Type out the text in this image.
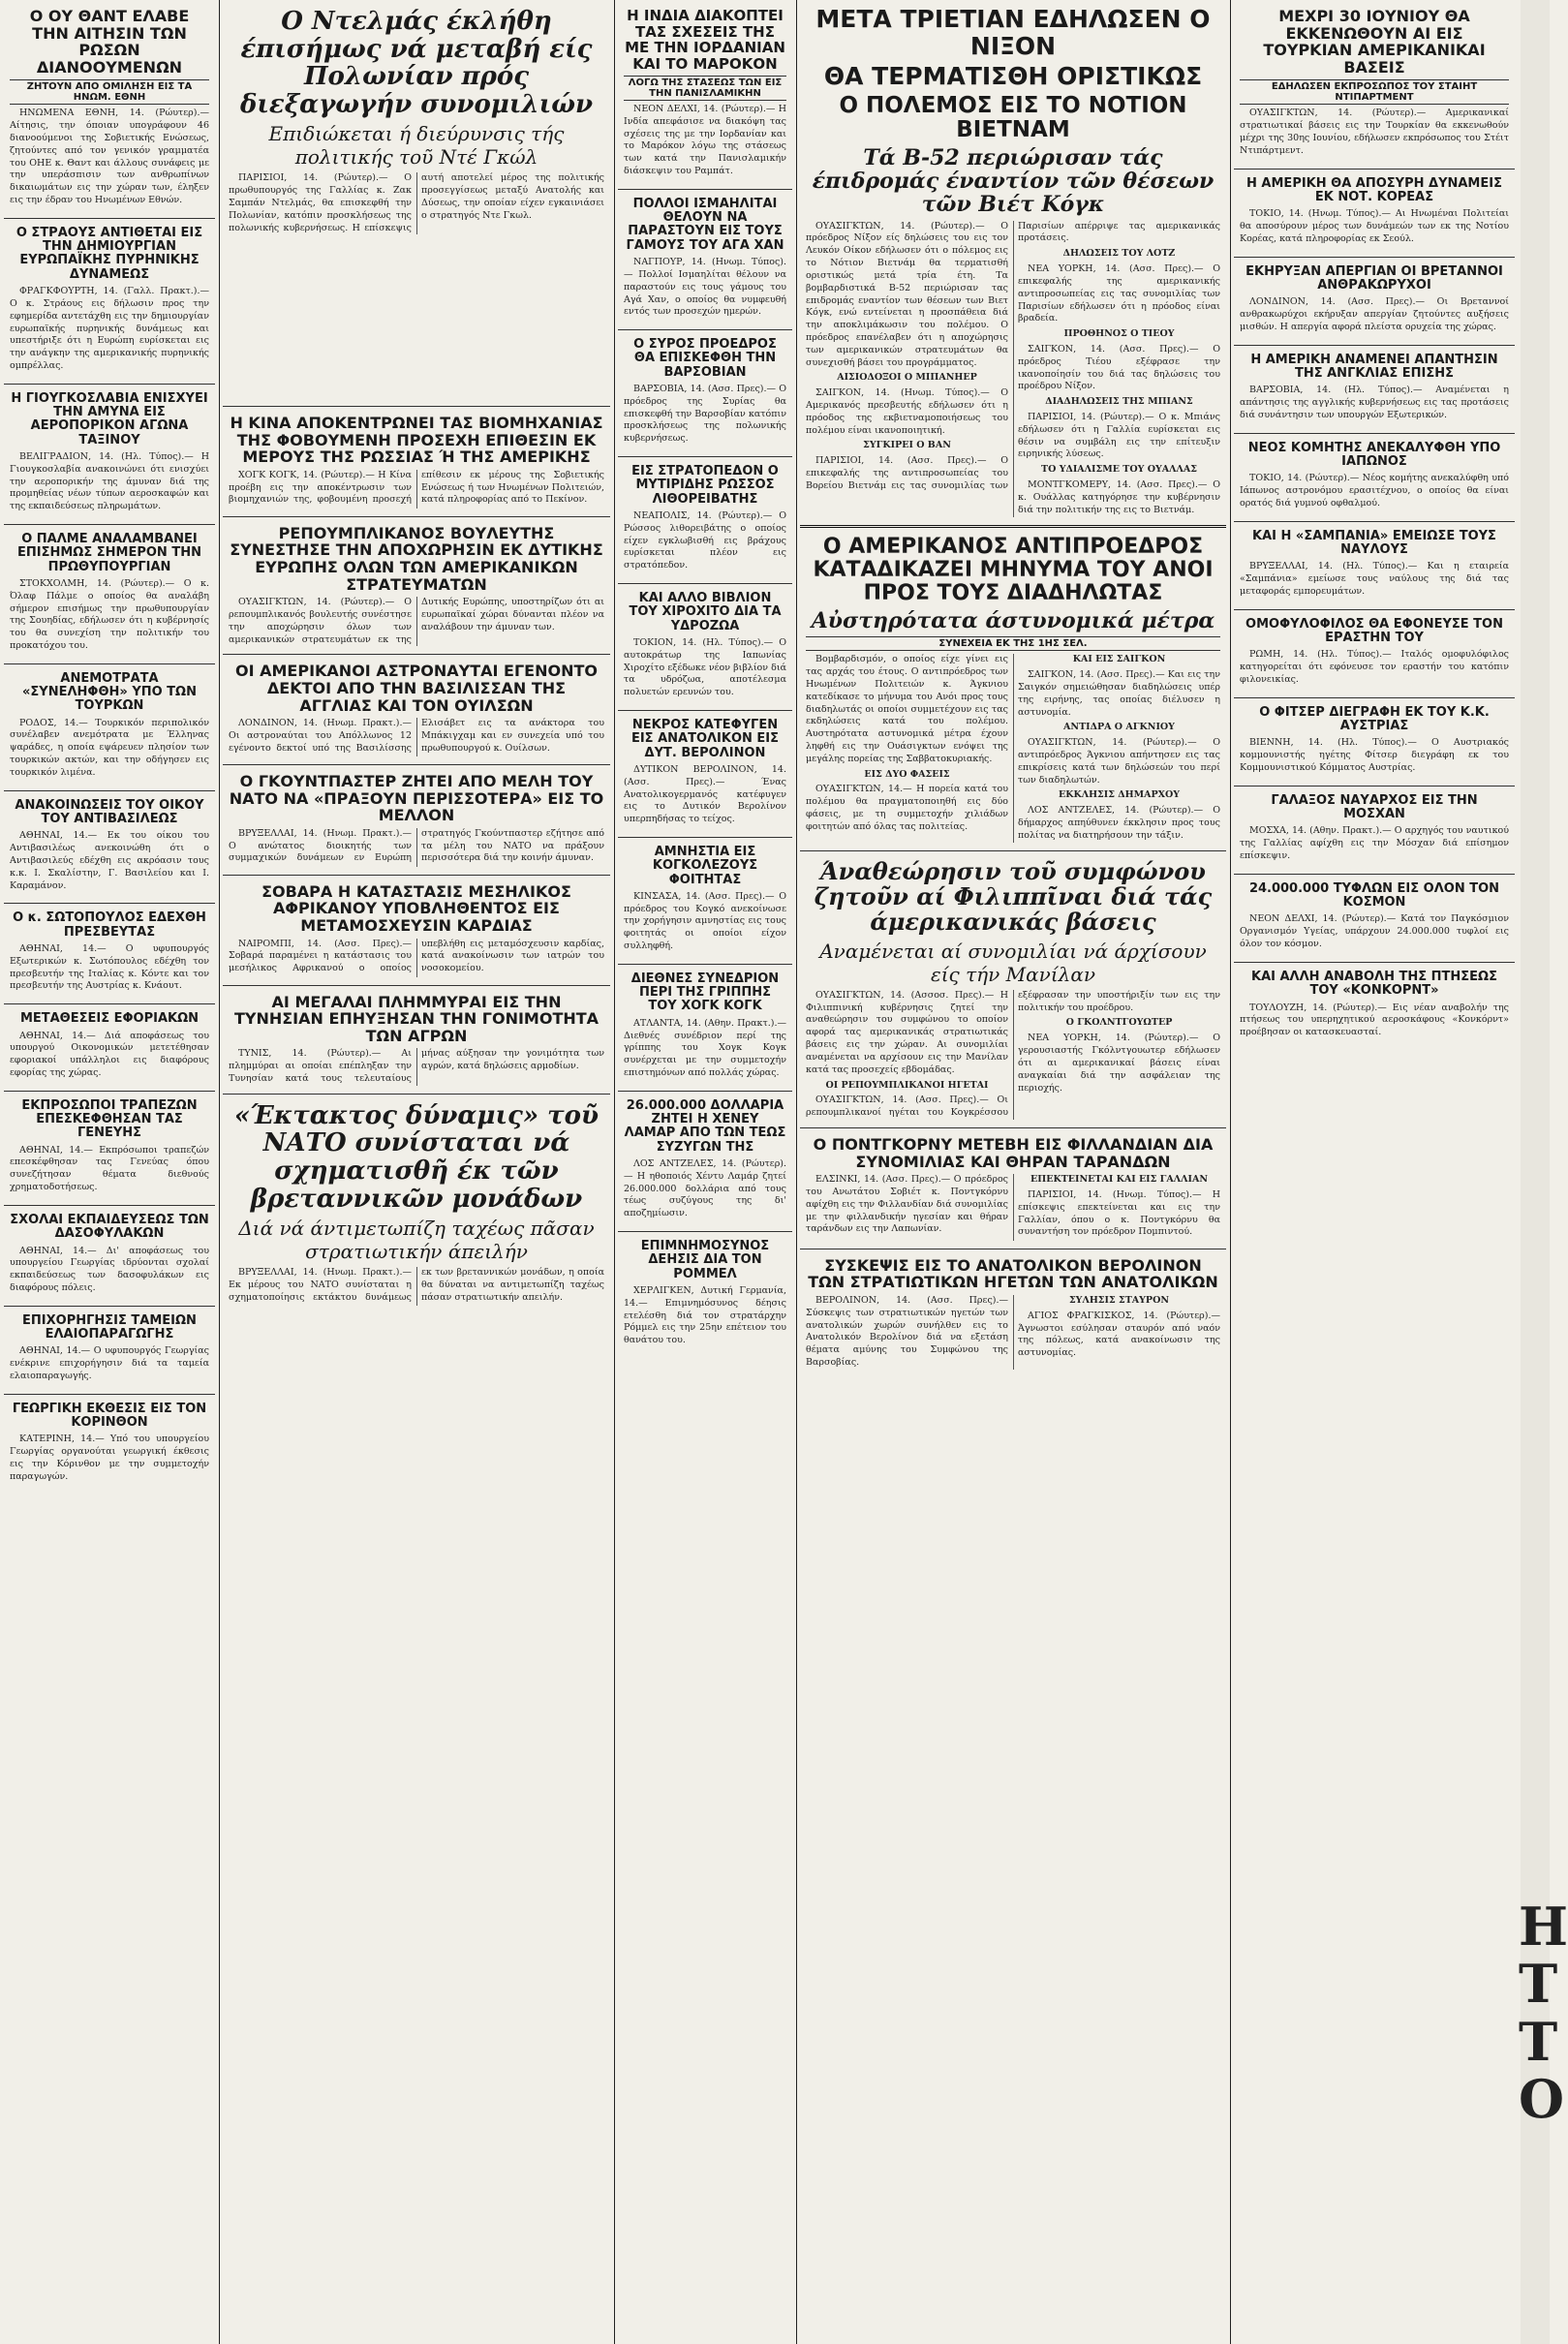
Ο ΟΥ ΘΑΝΤ ΕΛΑΒΕ ΤΗΝ ΑΙΤΗΣΙΝ ΤΩΝ ΡΩΣΩΝ ΔΙΑΝΟΟΥΜΕΝΩΝ
ΖΗΤΟΥΝ ΑΠΟ ΟΜΙΛΗΣΗ ΕΙΣ ΤΑ ΗΝΩΜ. ΕΘΝΗ

ΗΝΩΜΕΝΑ ΕΘΝΗ, 14. (Ρώυτερ).— Αίτησις, την όποιαν υπογράφουν 46 διανοούμενοι της Σοβιετικής Ενώσεως, ζητούντες από τον γενικόν γραμματέα του ΟΗΕ κ. Θαντ και άλλους συνάφεις με την υπεράσπισιν των ανθρωπίνων δικαιωμάτων εις την χώραν των, έληξεν εις την έδραν του Ηνωμένων Εθνών.

Ο ΣΤΡΑΟΥΣ ΑΝΤΙΘΕΤΑΙ ΕΙΣ ΤΗΝ ΔΗΜΙΟΥΡΓΙΑΝ ΕΥΡΩΠΑΪΚΗΣ ΠΥΡΗΝΙΚΗΣ ΔΥΝΑΜΕΩΣ

ΦΡΑΓΚΦΟΥΡΤΗ, 14. (Γαλλ. Πρακτ.).— Ο κ. Στράους εις δήλωσιν προς την εφημερίδα αντετάχθη εις την δημιουργίαν ευρωπαϊκής πυρηνικής δυνάμεως και υπεστήριξε ότι η Ευρώπη ευρίσκεται εις την ανάγκην της αμερικανικής πυρηνικής ομπρέλλας.

Η ΓΙΟΥΓΚΟΣΛΑΒΙΑ ΕΝΙΣΧΥΕΙ ΤΗΝ ΑΜΥΝΑ ΕΙΣ ΑΕΡΟΠΟΡΙΚΟΝ ΑΓΩΝΑ ΤΑΞΙΝΟΥ

ΒΕΛΙΓΡΑΔΙΟΝ, 14. (Ηλ. Τύπος).— Η Γιουγκοσλαβία ανακοινώνει ότι ενισχύει την αεροπορικήν της άμυναν διά της προμηθείας νέων τύπων αεροσκαφών και της εκπαιδεύσεως πληρωμάτων.

Ο ΠΑΛΜΕ ΑΝΑΛΑΜΒΑΝΕΙ ΕΠΙΣΗΜΩΣ ΣΗΜΕΡΟΝ ΤΗΝ ΠΡΩΘΥΠΟΥΡΓΙΑΝ

ΣΤΟΚΧΟΛΜΗ, 14. (Ρώυτερ).— Ο κ. Όλαφ Πάλμε ο οποίος θα αναλάβη σήμερον επισήμως την πρωθυπουργίαν της Σουηδίας, εδήλωσεν ότι η κυβέρνησίς του θα συνεχίση την πολιτικήν του προκατόχου του.

ΑΝΕΜΟΤΡΑΤΑ «ΣΥΝΕΛΗΦΘΗ» ΥΠΟ ΤΩΝ ΤΟΥΡΚΩΝ

ΡΟΔΟΣ, 14.— Τουρκικόν περιπολικόν συνέλαβεν ανεμότρατα με Έλληνας ψαράδες, η οποία εψάρευεν πλησίον των τουρκικών ακτών, και την οδήγησεν εις τουρκικόν λιμένα.

ΑΝΑΚΟΙΝΩΣΕΙΣ ΤΟΥ ΟΙΚΟΥ ΤΟΥ ΑΝΤΙΒΑΣΙΛΕΩΣ

ΑΘΗΝΑΙ, 14.— Εκ του οίκου του Αντιβασιλέως ανεκοινώθη ότι ο Αντιβασιλεύς εδέχθη εις ακρόασιν τους κ.κ. Ι. Σκαλίστην, Γ. Βασιλείου και Ι. Καραμάνον.

Ο κ. ΣΩΤΟΠΟΥΛΟΣ ΕΔΕΧΘΗ ΠΡΕΣΒΕΥΤΑΣ

ΑΘΗΝΑΙ, 14.— Ο υφυπουργός Εξωτερικών κ. Σωτόπουλος εδέχθη τον πρεσβευτήν της Ιταλίας κ. Κόντε και τον πρεσβευτήν της Αυστρίας κ. Κνάουτ.

ΜΕΤΑΘΕΣΕΙΣ ΕΦΟΡΙΑΚΩΝ

ΑΘΗΝΑΙ, 14.— Διά αποφάσεως του υπουργού Οικονομικών μετετέθησαν εφοριακοί υπάλληλοι εις διαφόρους εφορίας της χώρας.

ΕΚΠΡΟΣΩΠΟΙ ΤΡΑΠΕΖΩΝ ΕΠΕΣΚΕΦΘΗΣΑΝ ΤΑΣ ΓΕΝΕΥΗΣ

ΑΘΗΝΑΙ, 14.— Εκπρόσωποι τραπεζών επεσκέφθησαν τας Γενεύας όπου συνεζήτησαν θέματα διεθνούς χρηματοδοτήσεως.

ΣΧΟΛΑΙ ΕΚΠΑΙΔΕΥΣΕΩΣ ΤΩΝ ΔΑΣΟΦΥΛΑΚΩΝ

ΑΘΗΝΑΙ, 14.— Δι' αποφάσεως του υπουργείου Γεωργίας ιδρύονται σχολαί εκπαιδεύσεως των δασοφυλάκων εις διαφόρους πόλεις.

ΕΠΙΧΟΡΗΓΗΣΙΣ ΤΑΜΕΙΩΝ ΕΛΑΙΟΠΑΡΑΓΩΓΗΣ

ΑΘΗΝΑΙ, 14.— Ο υφυπουργός Γεωργίας ενέκρινε επιχορήγησιν διά τα ταμεία ελαιοπαραγωγής.

ΓΕΩΡΓΙΚΗ ΕΚΘΕΣΙΣ ΕΙΣ ΤΟΝ ΚΟΡΙΝΘΟΝ

ΚΑΤΕΡΙΝΗ, 14.— Υπό του υπουργείου Γεωργίας οργανούται γεωργική έκθεσις εις την Κόρινθον με την συμμετοχήν παραγωγών.

Ο Ντελμάς έκλήθη έπισήμως νά μεταβή είς Πολωνίαν πρός διεξαγωγήν συνομιλιών
Επιδιώκεται ή διεύρυνσις τής πολιτικής τοῦ Ντέ Γκώλ

ΠΑΡΙΣΙΟΙ, 14. (Ρώυτερ).— Ο πρωθυπουργός της Γαλλίας κ. Ζακ Σαμπάν Ντελμάς, θα επισκεφθή την Πολωνίαν, κατόπιν προσκλήσεως της πολωνικής κυβερνήσεως. Η επίσκεψις αυτή αποτελεί μέρος της πολιτικής προσεγγίσεως μεταξύ Ανατολής και Δύσεως, την οποίαν είχεν εγκαινιάσει ο στρατηγός Ντε Γκωλ.

Η ΚΙΝΑ ΑΠΟΚΕΝΤΡΩΝΕΙ ΤΑΣ ΒΙΟΜΗΧΑΝΙΑΣ ΤΗΣ ΦΟΒΟΥΜΕΝΗ ΠΡΟΣΕΧΗ ΕΠΙΘΕΣΙΝ ΕΚ ΜΕΡΟΥΣ ΤΗΣ ΡΩΣΣΙΑΣ Ή ΤΗΣ ΑΜΕΡΙΚΗΣ

ΧΟΓΚ ΚΟΓΚ, 14. (Ρώυτερ).— Η Κίνα προέβη εις την αποκέντρωσιν των βιομηχανιών της, φοβουμένη προσεχή επίθεσιν εκ μέρους της Σοβιετικής Ενώσεως ή των Ηνωμένων Πολιτειών, κατά πληροφορίας από το Πεκίνον.

ΡΕΠΟΥΜΠΛΙΚΑΝΟΣ ΒΟΥΛΕΥΤΗΣ ΣΥΝΕΣΤΗΣΕ ΤΗΝ ΑΠΟΧΩΡΗΣΙΝ ΕΚ ΔΥΤΙΚΗΣ ΕΥΡΩΠΗΣ ΟΛΩΝ ΤΩΝ ΑΜΕΡΙΚΑΝΙΚΩΝ ΣΤΡΑΤΕΥΜΑΤΩΝ

ΟΥΑΣΙΓΚΤΩΝ, 14. (Ρώυτερ).— Ο ρεπουμπλικανός βουλευτής συνέστησε την αποχώρησιν όλων των αμερικανικών στρατευμάτων εκ της Δυτικής Ευρώπης, υποστηρίζων ότι αι ευρωπαϊκαί χώραι δύνανται πλέον να αναλάβουν την άμυναν των.

ΟΙ ΑΜΕΡΙΚΑΝΟΙ ΑΣΤΡΟΝΑΥΤΑΙ ΕΓΕΝΟΝΤΟ ΔΕΚΤΟΙ ΑΠΟ ΤΗΝ ΒΑΣΙΛΙΣΣΑΝ ΤΗΣ ΑΓΓΛΙΑΣ ΚΑΙ ΤΟΝ ΟΥΙΛΣΩΝ

ΛΟΝΔΙΝΟΝ, 14. (Ηνωμ. Πρακτ.).— Οι αστροναύται του Απόλλωνος 12 εγένοντο δεκτοί υπό της Βασιλίσσης Ελισάβετ εις τα ανάκτορα του Μπάκιγχαμ και εν συνεχεία υπό του πρωθυπουργού κ. Ουίλσων.

Ο ΓΚΟΥΝΤΠΑΣΤΕΡ ΖΗΤΕΙ ΑΠΟ ΜΕΛΗ ΤΟΥ ΝΑΤΟ ΝΑ «ΠΡΑΞΟΥΝ ΠΕΡΙΣΣΟΤΕΡΑ» ΕΙΣ ΤΟ ΜΕΛΛΟΝ

ΒΡΥΞΕΛΛΑΙ, 14. (Ηνωμ. Πρακτ.).— Ο ανώτατος διοικητής των συμμαχικών δυνάμεων εν Ευρώπη στρατηγός Γκούντπαστερ εζήτησε από τα μέλη του ΝΑΤΟ να πράξουν περισσότερα διά την κοινήν άμυναν.

ΣΟΒΑΡΑ Η ΚΑΤΑΣΤΑΣΙΣ ΜΕΣΗΛΙΚΟΣ ΑΦΡΙΚΑΝΟΥ ΥΠΟΒΛΗΘΕΝΤΟΣ ΕΙΣ ΜΕΤΑΜΟΣΧΕΥΣΙΝ ΚΑΡΔΙΑΣ

ΝΑΙΡΟΜΠΙ, 14. (Ασσ. Πρες).— Σοβαρά παραμένει η κατάστασις του μεσήλικος Αφρικανού ο οποίος υπεβλήθη εις μεταμόσχευσιν καρδίας, κατά ανακοίνωσιν των ιατρών του νοσοκομείου.

ΑΙ ΜΕΓΑΛΑΙ ΠΛΗΜΜΥΡΑΙ ΕΙΣ ΤΗΝ ΤΥΝΗΣΙΑΝ ΕΠΗΥΞΗΣΑΝ ΤΗΝ ΓΟΝΙΜΟΤΗΤΑ ΤΩΝ ΑΓΡΩΝ

ΤΥΝΙΣ, 14. (Ρώυτερ).— Αι πλημμύραι αι οποίαι επέπληξαν την Τυνησίαν κατά τους τελευταίους μήνας αύξησαν την γονιμότητα των αγρών, κατά δηλώσεις αρμοδίων.

«Έκτακτος δύναμις» τοῦ ΝΑΤΟ συνίσταται νά σχηματισθῆ έκ τῶν βρεταννικῶν μονάδων
Διά νά άντιμετωπίζη ταχέως πᾶσαν στρατιωτικήν άπειλήν

ΒΡΥΞΕΛΛΑΙ, 14. (Ηνωμ. Πρακτ.).— Εκ μέρους του ΝΑΤΟ συνίσταται η σχηματοποίησις εκτάκτου δυνάμεως εκ των βρεταννικών μονάδων, η οποία θα δύναται να αντιμετωπίζη ταχέως πάσαν στρατιωτικήν απειλήν.

Η ΙΝΔΙΑ ΔΙΑΚΟΠΤΕΙ ΤΑΣ ΣΧΕΣΕΙΣ ΤΗΣ ΜΕ ΤΗΝ ΙΟΡΔΑΝΙΑΝ ΚΑΙ ΤΟ ΜΑΡΟΚΟΝ
ΛΟΓΩ ΤΗΣ ΣΤΑΣΕΩΣ ΤΩΝ ΕΙΣ ΤΗΝ ΠΑΝΙΣΛΑΜΙΚΗΝ

ΝΕΟΝ ΔΕΛΧΙ, 14. (Ρώυτερ).— Η Ινδία απεφάσισε να διακόψη τας σχέσεις της με την Ιορδανίαν και το Μαρόκον λόγω της στάσεως των κατά την Πανισλαμικήν διάσκεψιν του Ραμπάτ.

ΠΟΛΛΟΙ ΙΣΜΑΗΛΙΤΑΙ ΘΕΛΟΥΝ ΝΑ ΠΑΡΑΣΤΟΥΝ ΕΙΣ ΤΟΥΣ ΓΑΜΟΥΣ ΤΟΥ ΑΓΑ ΧΑΝ

ΝΑΓΠΟΥΡ, 14. (Ηνωμ. Τύπος).— Πολλοί Ισμαηλίται θέλουν να παραστούν εις τους γάμους του Αγά Χαν, ο οποίος θα νυμφευθή εντός των προσεχών ημερών.

Ο ΣΥΡΟΣ ΠΡΟΕΔΡΟΣ ΘΑ ΕΠΙΣΚΕΦΘΗ ΤΗΝ ΒΑΡΣΟΒΙΑΝ

ΒΑΡΣΟΒΙΑ, 14. (Ασσ. Πρες).— Ο πρόεδρος της Συρίας θα επισκεφθή την Βαρσοβίαν κατόπιν προσκλήσεως της πολωνικής κυβερνήσεως.

ΕΙΣ ΣΤΡΑΤΟΠΕΔΟΝ Ο ΜΥΤΙΡΙΔΗΣ ΡΩΣΣΟΣ ΛΙΘΟΡΕΙΒΑΤΗΣ

ΝΕΑΠΟΛΙΣ, 14. (Ρώυτερ).— Ο Ρώσσος λιθορειβάτης ο οποίος είχεν εγκλωβισθή εις βράχους ευρίσκεται πλέον εις στρατόπεδον.

ΚΑΙ ΑΛΛΟ ΒΙΒΛΙΟΝ ΤΟΥ ΧΙΡΟΧΙΤΟ ΔΙΑ ΤΑ ΥΔΡΟΖΩΑ

ΤΟΚΙΟΝ, 14. (Ηλ. Τύπος).— Ο αυτοκράτωρ της Ιαπωνίας Χιροχίτο εξέδωκε νέον βιβλίον διά τα υδρόζωα, αποτέλεσμα πολυετών ερευνών του.

ΝΕΚΡΟΣ ΚΑΤΕΦΥΓΕΝ ΕΙΣ ΑΝΑΤΟΛΙΚΟΝ ΕΙΣ ΔΥΤ. ΒΕΡΟΛΙΝΟΝ

ΔΥΤΙΚΟΝ ΒΕΡΟΛΙΝΟΝ, 14. (Ασσ. Πρες).— Ένας Ανατολικογερμανός κατέφυγεν εις το Δυτικόν Βερολίνον υπερπηδήσας το τείχος.

ΑΜΝΗΣΤΙΑ ΕΙΣ ΚΟΓΚΟΛΕΖΟΥΣ ΦΟΙΤΗΤΑΣ

ΚΙΝΣΑΣΑ, 14. (Ασσ. Πρες).— Ο πρόεδρος του Κογκό ανεκοίνωσε την χορήγησιν αμνηστίας εις τους φοιτητάς οι οποίοι είχον συλληφθή.

ΔΙΕΘΝΕΣ ΣΥΝΕΔΡΙΟΝ ΠΕΡΙ ΤΗΣ ΓΡΙΠΠΗΣ ΤΟΥ ΧΟΓΚ ΚΟΓΚ

ΑΤΛΑΝΤΑ, 14. (Αθην. Πρακτ.).— Διεθνές συνέδριον περί της γρίππης του Χογκ Κογκ συνέρχεται με την συμμετοχήν επιστημόνων από πολλάς χώρας.

26.000.000 ΔΟΛΛΑΡΙΑ ΖΗΤΕΙ Η ΧΕΝΕΥ ΛΑΜΑΡ ΑΠΟ ΤΩΝ ΤΕΩΣ ΣΥΖΥΓΩΝ ΤΗΣ

ΛΟΣ ΑΝΤΖΕΛΕΣ, 14. (Ρώυτερ).— Η ηθοποιός Χέντυ Λαμάρ ζητεί 26.000.000 δολλάρια από τους τέως συζύγους της δι' αποζημίωσιν.

ΕΠΙΜΝΗΜΟΣΥΝΟΣ ΔΕΗΣΙΣ ΔΙΑ ΤΟΝ ΡΟΜΜΕΛ

ΧΕΡΛΙΓΚΕΝ, Δυτική Γερμανία, 14.— Επιμνημόσυνος δέησις ετελέσθη διά τον στρατάρχην Ρόμμελ εις την 25ην επέτειον του θανάτου του.

ΜΕΤΑ ΤΡΙΕΤΙΑΝ ΕΔΗΛΩΣΕΝ Ο ΝΙΞΟΝ
ΘΑ ΤΕΡΜΑΤΙΣΘΗ ΟΡΙΣΤΙΚΩΣ
Ο ΠΟΛΕΜΟΣ ΕΙΣ ΤΟ ΝΟΤΙΟΝ ΒΙΕΤΝΑΜ
Τά Β-52 περιώρισαν τάς έπιδρομάς έναντίον τῶν θέσεων τῶν Βιέτ Κόγκ

ΟΥΑΣΙΓΚΤΩΝ, 14. (Ρώυτερ).— Ο πρόεδρος Νίξον είς δηλώσεις του εις τον Λευκόν Οίκον εδήλωσεν ότι ο πόλεμος εις το Νότιον Βιετνάμ θα τερματισθή οριστικώς μετά τρία έτη. Τα βομβαρδιστικά Β-52 περιώρισαν τας επιδρομάς εναντίον των θέσεων των Βιετ Κόγκ, ενώ εντείνεται η προσπάθεια διά την αποκλιμάκωσιν του πολέμου. Ο πρόεδρος επανέλαβεν ότι η αποχώρησις των αμερικανικών στρατευμάτων θα συνεχισθή βάσει του προγράμματος.

ΑΙΣΙΟΔΟΞΟΙ Ο ΜΙΠΑΝΗΕΡ

ΣΑΙΓΚΟΝ, 14. (Ηνωμ. Τύπος).— Ο Αμερικανός πρεσβευτής εδήλωσεν ότι η πρόοδος της εκβιετναμοποιήσεως του πολέμου είναι ικανοποιητική.

ΣΥΓΚΙΡΕΙ Ο ΒΑΝ

ΠΑΡΙΣΙΟΙ, 14. (Ασσ. Πρες).— Ο επικεφαλής της αντιπροσωπείας του Βορείου Βιετνάμ εις τας συνομιλίας των Παρισίων απέρριψε τας αμερικανικάς προτάσεις.

ΔΗΛΩΣΕΙΣ ΤΟΥ ΛΟΤΖ

ΝΕΑ ΥΟΡΚΗ, 14. (Ασσ. Πρες).— Ο επικεφαλής της αμερικανικής αντιπροσωπείας εις τας συνομιλίας των Παρισίων εδήλωσεν ότι η πρόοδος είναι βραδεία.

ΠΡΟΘΗΝΟΣ Ο ΤΙΕΟΥ

ΣΑΙΓΚΟΝ, 14. (Ασσ. Πρες).— Ο πρόεδρος Τιέου εξέφρασε την ικανοποίησίν του διά τας δηλώσεις του προέδρου Νίξον.

ΔΙΑΔΗΛΩΣΕΙΣ ΤΗΣ ΜΠΙΑΝΣ

ΠΑΡΙΣΙΟΙ, 14. (Ρώυτερ).— Ο κ. Μπιάνς εδήλωσεν ότι η Γαλλία ευρίσκεται εις θέσιν να συμβάλη εις την επίτευξιν ειρηνικής λύσεως.

ΤΟ ΥΔΙΑΛΙΣΜΕ ΤΟΥ ΟΥΑΛΛΑΣ

ΜΟΝΤΓΚΟΜΕΡΥ, 14. (Ασσ. Πρες).— Ο κ. Ουάλλας κατηγόρησε την κυβέρνησιν διά την πολιτικήν της εις το Βιετνάμ.

Ο ΑΜΕΡΙΚΑΝΟΣ ΑΝΤΙΠΡΟΕΔΡΟΣ ΚΑΤΑΔΙΚΑΖΕΙ ΜΗΝΥΜΑ ΤΟΥ ΑΝΟΙ ΠΡΟΣ ΤΟΥΣ ΔΙΑΔΗΛΩΤΑΣ
Αὐστηρότατα άστυνομικά μέτρα
ΣΥΝΕΧΕΙΑ ΕΚ ΤΗΣ 1ΗΣ ΣΕΛ.

Βομβαρδισμόν, ο οποίος είχε γίνει εις τας αρχάς του έτους. Ο αντιπρόεδρος των Ηνωμένων Πολιτειών κ. Άγκνιου κατεδίκασε το μήνυμα του Ανόι προς τους διαδηλωτάς οι οποίοι συμμετέχουν εις τας εκδηλώσεις κατά του πολέμου. Αυστηρότατα αστυνομικά μέτρα έχουν ληφθή εις την Ουάσιγκτων ενόψει της μεγάλης πορείας της Σαββατοκυριακής.

ΕΙΣ ΔΥΟ ΦΑΣΕΙΣ

ΟΥΑΣΙΓΚΤΩΝ, 14.— Η πορεία κατά του πολέμου θα πραγματοποιηθή εις δύο φάσεις, με τη συμμετοχήν χιλιάδων φοιτητών από όλας τας πολιτείας.

ΚΑΙ ΕΙΣ ΣΑΙΓΚΟΝ

ΣΑΙΓΚΟΝ, 14. (Ασσ. Πρες).— Και εις την Σαιγκόν σημειώθησαν διαδηλώσεις υπέρ της ειρήνης, τας οποίας διέλυσεν η αστυνομία.

ΑΝΤΙΔΡΑ Ο ΑΓΚΝΙΟΥ

ΟΥΑΣΙΓΚΤΩΝ, 14. (Ρώυτερ).— Ο αντιπρόεδρος Άγκνιου απήντησεν εις τας επικρίσεις κατά των δηλώσεών του περί των διαδηλωτών.

ΕΚΚΛΗΣΙΣ ΔΗΜΑΡΧΟΥ

ΛΟΣ ΑΝΤΖΕΛΕΣ, 14. (Ρώυτερ).— Ο δήμαρχος απηύθυνεν έκκλησιν προς τους πολίτας να διατηρήσουν την τάξιν.

Άναθεώρησιν τοῦ συμφώνου ζητοῦν αί Φιλιππῖναι διά τάς άμερικανικάς βάσεις
Αναμένεται αί συνομιλίαι νά άρχίσουν είς τήν Μανίλαν

ΟΥΑΣΙΓΚΤΩΝ, 14. (Ασσοσ. Πρες).— Η Φιλιππινική κυβέρνησις ζητεί την αναθεώρησιν του συμφώνου το οποίον αφορά τας αμερικανικάς στρατιωτικάς βάσεις εις την χώραν. Αι συνομιλίαι αναμένεται να αρχίσουν εις την Μανίλαν κατά τας προσεχείς εβδομάδας.

ΟΙ ΡΕΠΟΥΜΠΛΙΚΑΝΟΙ ΗΓΕΤΑΙ

ΟΥΑΣΙΓΚΤΩΝ, 14. (Ασσ. Πρες).— Οι ρεπουμπλικανοί ηγέται του Κογκρέσσου εξέφρασαν την υποστήριξίν των εις την πολιτικήν του προέδρου.

Ο ΓΚΟΛΝΤΓΟΥΩΤΕΡ

ΝΕΑ ΥΟΡΚΗ, 14. (Ρώυτερ).— Ο γερουσιαστής Γκόλντγουωτερ εδήλωσεν ότι αι αμερικανικαί βάσεις είναι αναγκαίαι διά την ασφάλειαν της περιοχής.

Ο ΠΟΝΤΓΚΟΡΝΥ ΜΕΤΕΒΗ ΕΙΣ ΦΙΛΛΑΝΔΙΑΝ ΔΙΑ ΣΥΝΟΜΙΛΙΑΣ ΚΑΙ ΘΗΡΑΝ ΤΑΡΑΝΔΩΝ

ΕΛΣΙΝΚΙ, 14. (Ασσ. Πρες).— Ο πρόεδρος του Ανωτάτου Σοβιέτ κ. Ποντγκόρνυ αφίχθη εις την Φιλλανδίαν διά συνομιλίας με την φιλλανδικήν ηγεσίαν και θήραν ταράνδων εις την Λαπωνίαν.

ΕΠΕΚΤΕΙΝΕΤΑΙ ΚΑΙ ΕΙΣ ΓΑΛΛΙΑΝ

ΠΑΡΙΣΙΟΙ, 14. (Ηνωμ. Τύπος).— Η επίσκεψις επεκτείνεται και εις την Γαλλίαν, όπου ο κ. Ποντγκόρνυ θα συναντήση τον πρόεδρον Πομπιντού.

ΣΥΣΚΕΨΙΣ ΕΙΣ ΤΟ ΑΝΑΤΟΛΙΚΟΝ ΒΕΡΟΛΙΝΟΝ ΤΩΝ ΣΤΡΑΤΙΩΤΙΚΩΝ ΗΓΕΤΩΝ ΤΩΝ ΑΝΑΤΟΛΙΚΩΝ

ΒΕΡΟΛΙΝΟΝ, 14. (Ασσ. Πρες).— Σύσκεψις των στρατιωτικών ηγετών των ανατολικών χωρών συνήλθεν εις το Ανατολικόν Βερολίνον διά να εξετάση θέματα αμύνης του Συμφώνου της Βαρσοβίας.

ΣΥΛΗΣΙΣ ΣΤΑΥΡΟΝ

ΑΓΙΟΣ ΦΡΑΓΚΙΣΚΟΣ, 14. (Ρώυτερ).— Άγνωστοι εσύλησαν σταυρόν από ναόν της πόλεως, κατά ανακοίνωσιν της αστυνομίας.

ΜΕΧΡΙ 30 ΙΟΥΝΙΟΥ ΘΑ ΕΚΚΕΝΩΘΟΥΝ ΑΙ ΕΙΣ ΤΟΥΡΚΙΑΝ ΑΜΕΡΙΚΑΝΙΚΑΙ ΒΑΣΕΙΣ
ΕΔΗΛΩΣΕΝ ΕΚΠΡΟΣΩΠΟΣ ΤΟΥ ΣΤΑΙΗΤ ΝΤΙΠΑΡΤΜΕΝΤ

ΟΥΑΣΙΓΚΤΩΝ, 14. (Ρώυτερ).— Αμερικανικαί στρατιωτικαί βάσεις εις την Τουρκίαν θα εκκενωθούν μέχρι της 30ης Ιουνίου, εδήλωσεν εκπρόσωπος του Στέιτ Ντιπάρτμεντ.

Η ΑΜΕΡΙΚΗ ΘΑ ΑΠΟΣΥΡΗ ΔΥΝΑΜΕΙΣ ΕΚ ΝΟΤ. ΚΟΡΕΑΣ

ΤΟΚΙΟ, 14. (Ηνωμ. Τύπος).— Αι Ηνωμέναι Πολιτείαι θα αποσύρουν μέρος των δυνάμεών των εκ της Νοτίου Κορέας, κατά πληροφορίας εκ Σεούλ.

ΕΚΗΡΥΞΑΝ ΑΠΕΡΓΙΑΝ ΟΙ ΒΡΕΤΑΝΝΟΙ ΑΝΘΡΑΚΩΡΥΧΟΙ

ΛΟΝΔΙΝΟΝ, 14. (Ασσ. Πρες).— Οι Βρεταννοί ανθρακωρύχοι εκήρυξαν απεργίαν ζητούντες αυξήσεις μισθών. Η απεργία αφορά πλείστα ορυχεία της χώρας.

Η ΑΜΕΡΙΚΗ ΑΝΑΜΕΝΕΙ ΑΠΑΝΤΗΣΙΝ ΤΗΣ ΑΝΓΚΛΙΑΣ ΕΠΙΣΗΣ

ΒΑΡΣΟΒΙΑ, 14. (Ηλ. Τύπος).— Αναμένεται η απάντησις της αγγλικής κυβερνήσεως εις τας προτάσεις διά συνάντησιν των υπουργών Εξωτερικών.

ΝΕΟΣ ΚΟΜΗΤΗΣ ΑΝΕΚΑΛΥΦΘΗ ΥΠΟ ΙΑΠΩΝΟΣ

ΤΟΚΙΟ, 14. (Ρώυτερ).— Νέος κομήτης ανεκαλύφθη υπό Ιάπωνος αστρονόμου ερασιτέχνου, ο οποίος θα είναι ορατός διά γυμνού οφθαλμού.

ΚΑΙ Η «ΣΑΜΠΑΝΙΑ» ΕΜΕΙΩΣΕ ΤΟΥΣ ΝΑΥΛΟΥΣ

ΒΡΥΞΕΛΛΑΙ, 14. (Ηλ. Τύπος).— Και η εταιρεία «Σαμπάνια» εμείωσε τους ναύλους της διά τας μεταφοράς εμπορευμάτων.

ΟΜΟΦΥΛΟΦΙΛΟΣ ΘΑ ΕΦΟΝΕΥΣΕ ΤΟΝ ΕΡΑΣΤΗΝ ΤΟΥ

ΡΩΜΗ, 14. (Ηλ. Τύπος).— Ιταλός ομοφυλόφιλος κατηγορείται ότι εφόνευσε τον εραστήν του κατόπιν φιλονεικίας.

Ο ΦΙΤΣΕΡ ΔΙΕΓΡΑΦΗ ΕΚ ΤΟΥ Κ.Κ. ΑΥΣΤΡΙΑΣ

ΒΙΕΝΝΗ, 14. (Ηλ. Τύπος).— Ο Αυστριακός κομμουνιστής ηγέτης Φίτσερ διεγράφη εκ του Κομμουνιστικού Κόμματος Αυστρίας.

ΓΑΛΑΞΟΣ ΝΑΥΑΡΧΟΣ ΕΙΣ ΤΗΝ ΜΟΣΧΑΝ

ΜΟΣΧΑ, 14. (Αθην. Πρακτ.).— Ο αρχηγός του ναυτικού της Γαλλίας αφίχθη εις την Μόσχαν διά επίσημον επίσκεψιν.

24.000.000 ΤΥΦΛΩΝ ΕΙΣ ΟΛΟΝ ΤΟΝ ΚΟΣΜΟΝ

ΝΕΟΝ ΔΕΛΧΙ, 14. (Ρώυτερ).— Κατά τον Παγκόσμιον Οργανισμόν Υγείας, υπάρχουν 24.000.000 τυφλοί εις όλον τον κόσμον.

ΚΑΙ ΑΛΛΗ ΑΝΑΒΟΛΗ ΤΗΣ ΠΤΗΣΕΩΣ ΤΟΥ «ΚΟΝΚΟΡΝΤ»

ΤΟΥΛΟΥΖΗ, 14. (Ρώυτερ).— Εις νέαν αναβολήν της πτήσεως του υπερηχητικού αεροσκάφους «Κονκόρντ» προέβησαν οι κατασκευασταί.

Η Τ ΤΟ
